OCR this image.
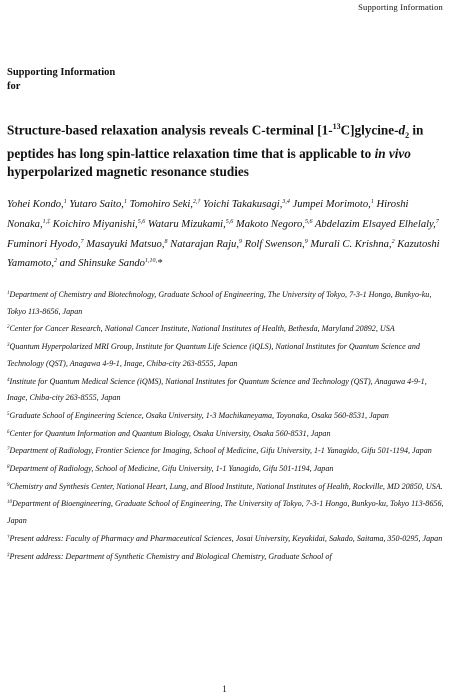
Supporting Information
Supporting Information
for
Structure-based relaxation analysis reveals C-terminal $[1-^{13}C]glycine-d_2$ in peptides has long spin-lattice relaxation time that is applicable to in vivo hyperpolarized magnetic resonance studies
Yohei Kondo,$^1$ Yutaro Saito,$^1$ Tomohiro Seki,$^{2,\dagger}$ Yoichi Takakusagi,$^{3,4}$ Jumpei Morimoto,$^1$ Hiroshi Nonaka,$^{1,\ddagger}$ Koichiro Miyanishi,$^{5,6}$ Wataru Mizukami,$^{5,6}$ Makoto Negoro,$^{5,6}$ Abdelazim Elsayed Elhelaly,$^7$ Fuminori Hyodo,$^7$ Masayuki Matsuo,$^8$ Natarajan Raju,$^9$ Rolf Swenson,$^9$ Murali C. Krishna,$^2$ Kazutoshi Yamamoto,$^2$ and Shinsuke Sando$^{1,10,}$*
$^1$Department of Chemistry and Biotechnology, Graduate School of Engineering, The University of Tokyo, 7-3-1 Hongo, Bunkyo-ku, Tokyo 113-8656, Japan
$^2$Center for Cancer Research, National Cancer Institute, National Institutes of Health, Bethesda, Maryland 20892, USA
$^3$Quantum Hyperpolarized MRI Group, Institute for Quantum Life Science (iQLS), National Institutes for Quantum Science and Technology (QST), Anagawa 4-9-1, Inage, Chiba-city 263-8555, Japan
$^4$Institute for Quantum Medical Science (iQMS), National Institutes for Quantum Science and Technology (QST), Anagawa 4-9-1, Inage, Chiba-city 263-8555, Japan
$^5$Graduate School of Engineering Science, Osaka University, 1-3 Machikaneyama, Toyonaka, Osaka 560-8531, Japan
$^6$Center for Quantum Information and Quantum Biology, Osaka University, Osaka 560-8531, Japan
$^7$Department of Radiology, Frontier Science for Imaging, School of Medicine, Gifu University, 1-1 Yanagido, Gifu 501-1194, Japan
$^8$Department of Radiology, School of Medicine, Gifu University, 1-1 Yanagido, Gifu 501-1194, Japan
$^9$Chemistry and Synthesis Center, National Heart, Lung, and Blood Institute, National Institutes of Health, Rockville, MD 20850, USA.
$^{10}$Department of Bioengineering, Graduate School of Engineering, The University of Tokyo, 7-3-1 Hongo, Bunkyo-ku, Tokyo 113-8656, Japan
†Present address: Faculty of Pharmacy and Pharmaceutical Sciences, Josai University, Keyakidai, Sakado, Saitama, 350-0295, Japan
‡Present address: Department of Synthetic Chemistry and Biological Chemistry, Graduate School of
1
